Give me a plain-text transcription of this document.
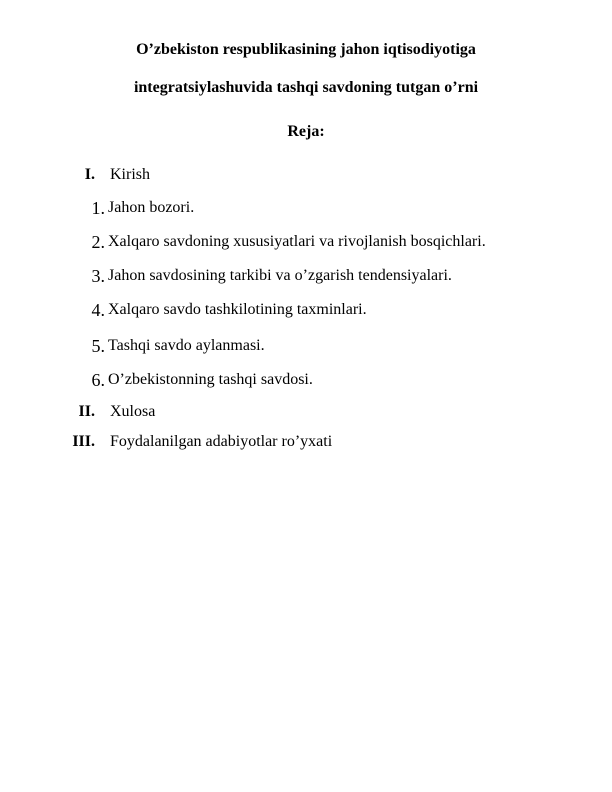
O’zbekiston respublikasining jahon iqtisodiyotiga
integratsiylashuvida tashqi savdoning tutgan o’rni
Reja:
I. Kirish
1. Jahon bozori.
2. Xalqaro savdoning xususiyatlari va rivojlanish bosqichlari.
3. Jahon savdosining tarkibi va o’zgarish tendensiyalari.
4. Xalqaro savdo tashkilotining taxminlari.
5. Tashqi savdo aylanmasi.
6. O’zbekistonning tashqi savdosi.
II. Xulosa
III. Foydalanilgan adabiyotlar ro’yxati
